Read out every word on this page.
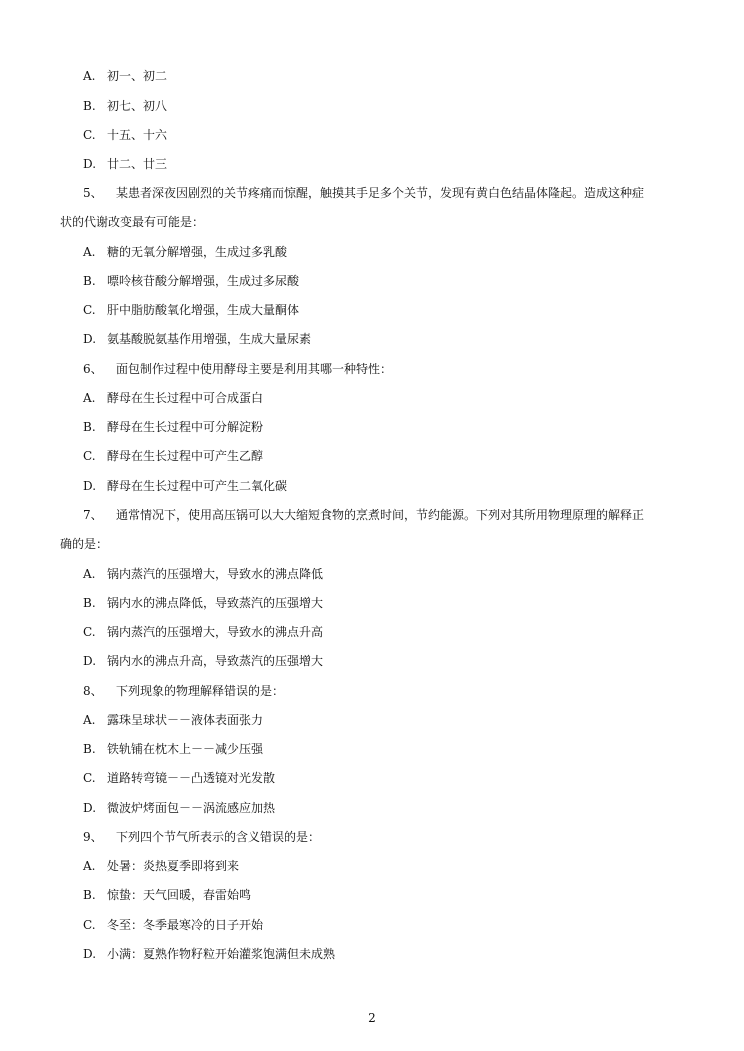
A. 初一、初二
B. 初七、初八
C. 十五、十六
D. 廿二、廿三
5、 某患者深夜因剧烈的关节疼痛而惊醒，触摸其手足多个关节，发现有黄白色结晶体隆起。造成这种症
状的代谢改变最有可能是：
A. 糖的无氧分解增强，生成过多乳酸
B. 嘌呤核苷酸分解增强，生成过多尿酸
C. 肝中脂肪酸氧化增强，生成大量酮体
D. 氨基酸脱氨基作用增强，生成大量尿素
6、 面包制作过程中使用酵母主要是利用其哪一种特性：
A. 酵母在生长过程中可合成蛋白
B. 酵母在生长过程中可分解淀粉
C. 酵母在生长过程中可产生乙醇
D. 酵母在生长过程中可产生二氧化碳
7、 通常情况下，使用高压锅可以大大缩短食物的烹煮时间，节约能源。下列对其所用物理原理的解释正
确的是：
A. 锅内蒸汽的压强增大，导致水的沸点降低
B. 锅内水的沸点降低，导致蒸汽的压强增大
C. 锅内蒸汽的压强增大，导致水的沸点升高
D. 锅内水的沸点升高，导致蒸汽的压强增大
8、 下列现象的物理解释错误的是：
A. 露珠呈球状－－液体表面张力
B. 铁轨铺在枕木上－－减少压强
C. 道路转弯镜－－凸透镜对光发散
D. 微波炉烤面包－－涡流感应加热
9、 下列四个节气所表示的含义错误的是：
A. 处暑：炎热夏季即将到来
B. 惊蛰：天气回暖，春雷始鸣
C. 冬至：冬季最寒冷的日子开始
D. 小满：夏熟作物籽粒开始灌浆饱满但未成熟
2
